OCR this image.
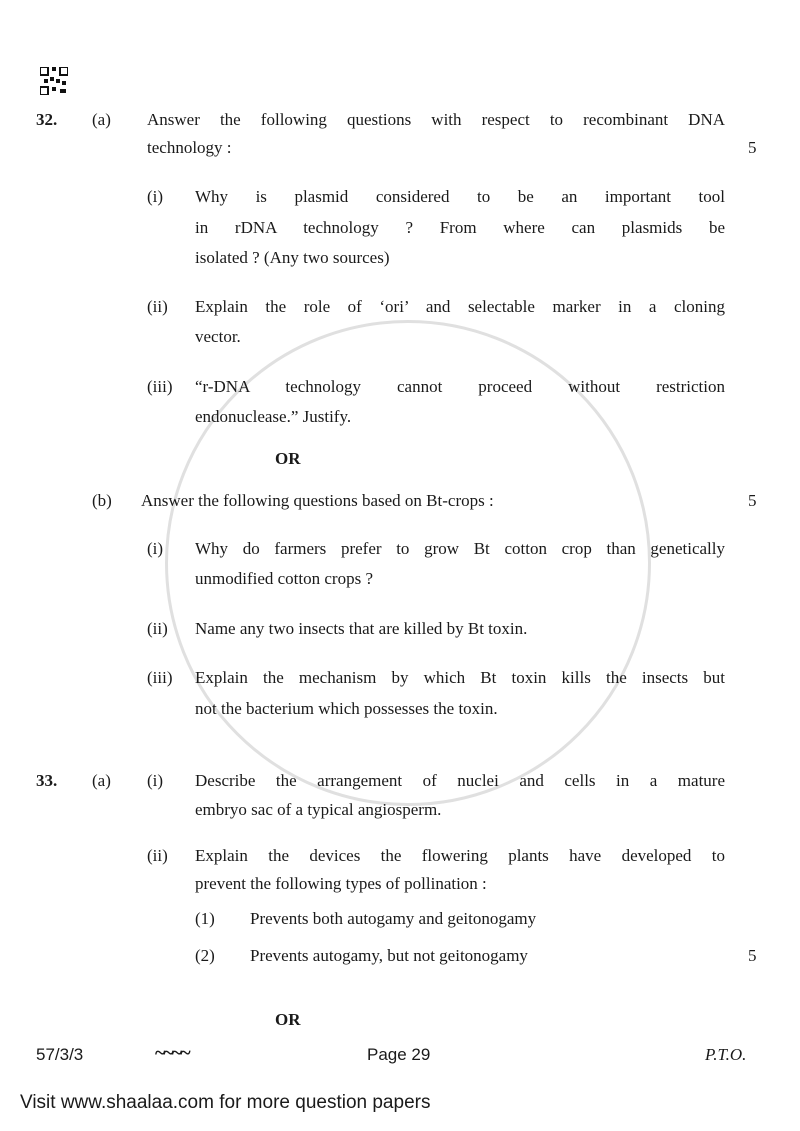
32. (a) Answer the following questions with respect to recombinant DNA
technology :	5
(i) Why is plasmid considered to be an important tool
in rDNA technology ? From where can plasmids be
isolated ? (Any two sources)
(ii) Explain the role of ‘ori’ and selectable marker in a cloning
vector.
(iii) “r-DNA technology cannot proceed without restriction
endonuclease.” Justify.
OR
(b) Answer the following questions based on Bt-crops :	5
(i) Why do farmers prefer to grow Bt cotton crop than genetically
unmodified cotton crops ?
(ii) Name any two insects that are killed by Bt toxin.
(iii) Explain the mechanism by which Bt toxin kills the insects but
not the bacterium which possesses the toxin.
33. (a) (i) Describe the arrangement of nuclei and cells in a mature
embryo sac of a typical angiosperm.
(ii) Explain the devices the flowering plants have developed to
prevent the following types of pollination :
(1) Prevents both autogamy and geitonogamy
(2) Prevents autogamy, but not geitonogamy	5
OR
57/3/3	~~~~	Page 29	P.T.O.
Visit www.shaalaa.com for more question papers
